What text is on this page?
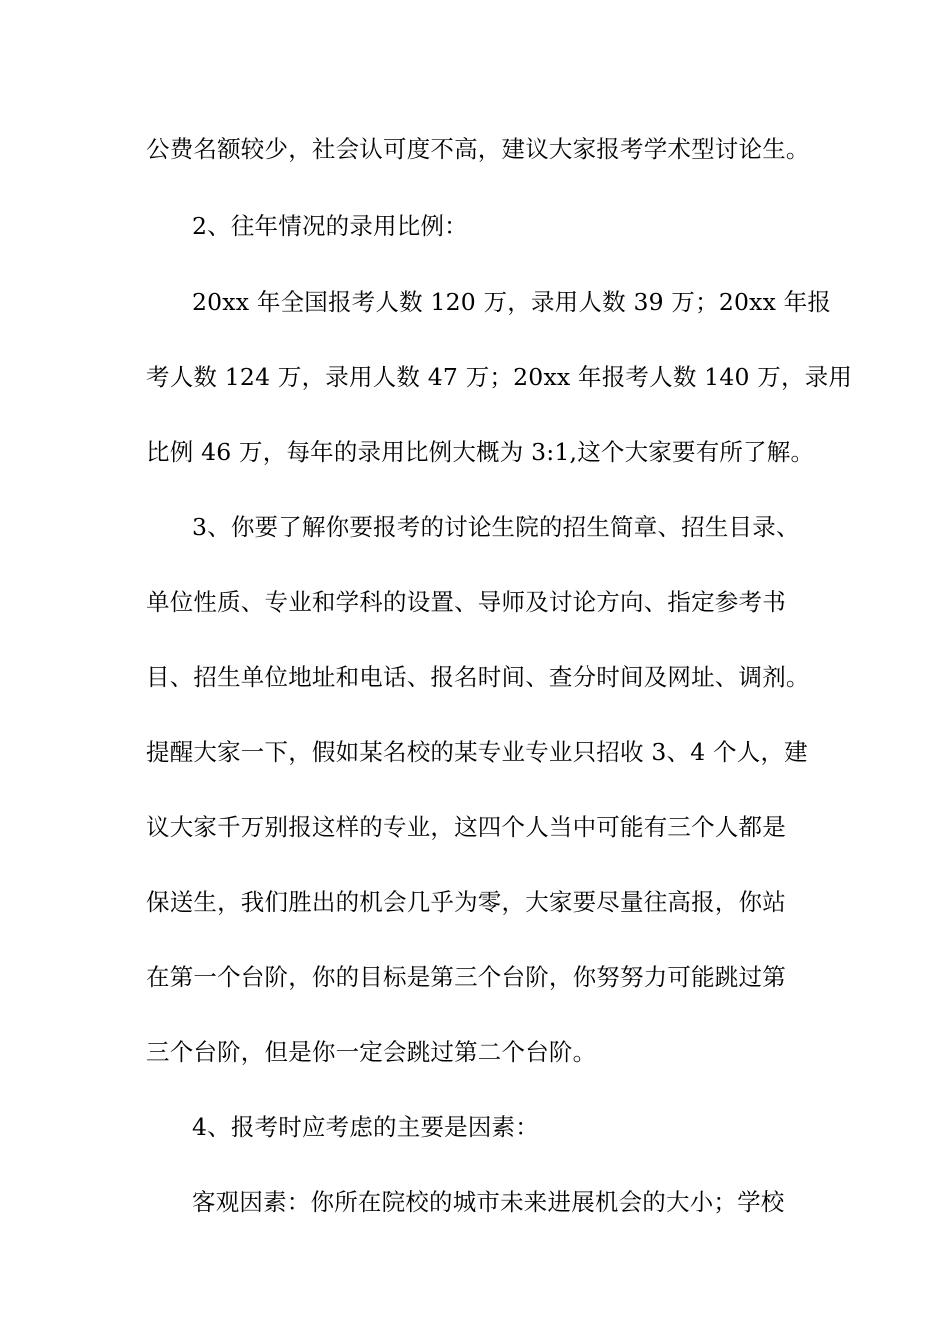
公费名额较少，社会认可度不高，建议大家报考学术型讨论生。
2、往年情况的录用比例：
20xx 年全国报考人数 120 万，录用人数 39 万；20xx 年报
考人数 124 万，录用人数 47 万；20xx 年报考人数 140 万，录用
比例 46 万，每年的录用比例大概为 3:1,这个大家要有所了解。
3、你要了解你要报考的讨论生院的招生简章、招生目录、
单位性质、专业和学科的设置、导师及讨论方向、指定参考书
目、招生单位地址和电话、报名时间、查分时间及网址、调剂。
提醒大家一下，假如某名校的某专业专业只招收 3、4 个人，建
议大家千万别报这样的专业，这四个人当中可能有三个人都是
保送生，我们胜出的机会几乎为零，大家要尽量往高报，你站
在第一个台阶，你的目标是第三个台阶，你努努力可能跳过第
三个台阶，但是你一定会跳过第二个台阶。
4、报考时应考虑的主要是因素：
客观因素：你所在院校的城市未来进展机会的大小；学校
